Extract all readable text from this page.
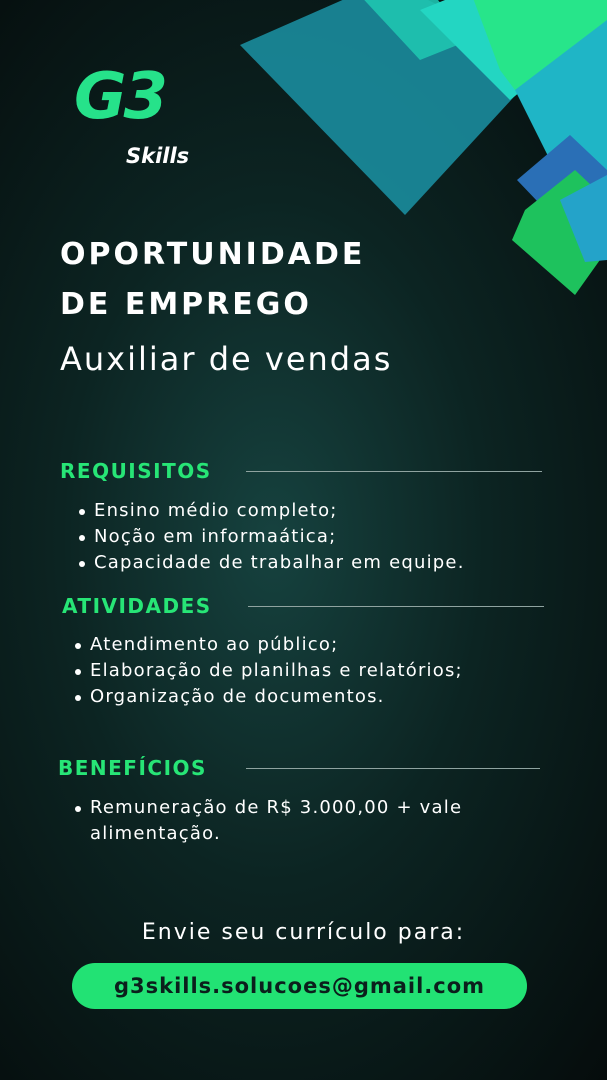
G3
Skills
OPORTUNIDADE
DE EMPREGO

Auxiliar de vendas

REQUISITOS
Ensino médio completo;
Noção em informaática;
Capacidade de trabalhar em equipe.
ATIVIDADES
Atendimento ao público;
Elaboração de planilhas e relatórios;
Organização de documentos.
BENEFÍCIOS
Remuneração de R$ 3.000,00 + vale alimentação.

Envie seu currículo para:

g3skills.solucoes@gmail.com
